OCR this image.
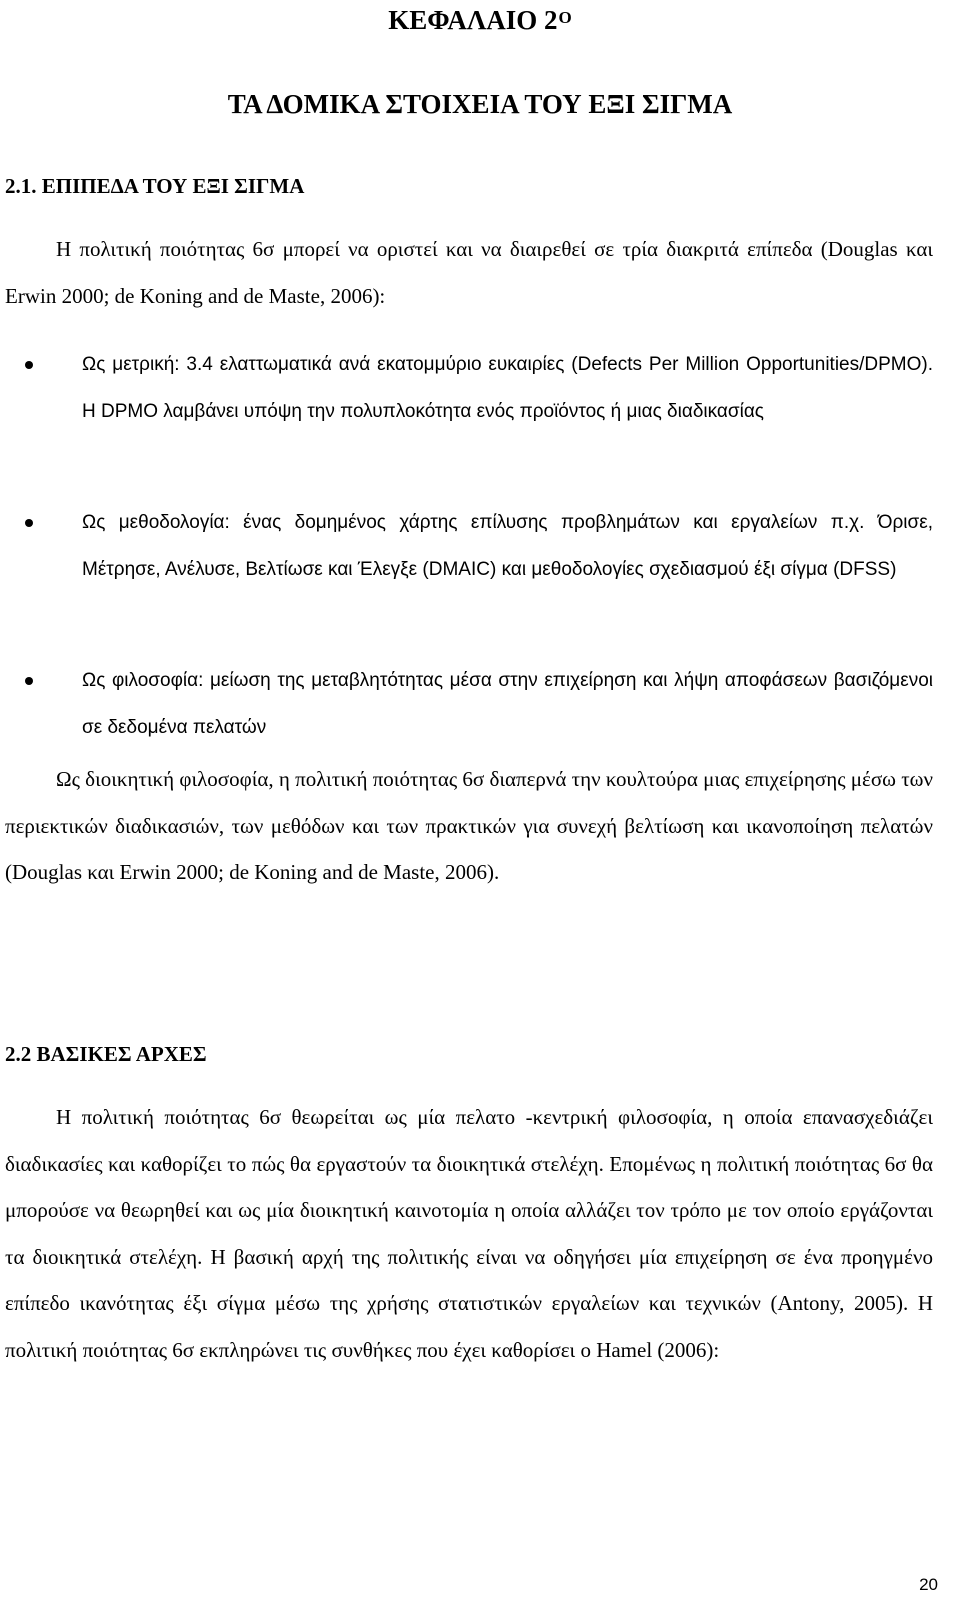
ΚΕΦΑΛΑΙΟ $2^O$
ΤΑ ΔΟΜΙΚΑ ΣΤΟΙΧΕΙΑ ΤΟΥ ΕΞΙ ΣΙΓΜΑ
2.1. ΕΠΙΠΕΔΑ ΤΟΥ ΕΞΙ ΣΙΓΜΑ

Η πολιτική ποιότητας 6σ μπορεί να οριστεί και να διαιρεθεί σε τρία διακριτά επίπεδα (Douglas και Erwin 2000; de Koning and de Maste, 2006):

Ως μετρική: 3.4 ελαττωματικά ανά εκατομμύριο ευκαιρίες (Defects Per Million Opportunities/DPMO). Η DPMO λαμβάνει υπόψη την πολυπλοκότητα ενός προϊόντος ή μιας διαδικασίας
Ως μεθοδολογία: ένας δομημένος χάρτης επίλυσης προβλημάτων και εργαλείων π.χ. Όρισε, Μέτρησε, Ανέλυσε, Βελτίωσε και Έλεγξε (DMAIC) και μεθοδολογίες σχεδιασμού έξι σίγμα (DFSS)
Ως φιλοσοφία: μείωση της μεταβλητότητας μέσα στην επιχείρηση και λήψη αποφάσεων βασιζόμενοι σε δεδομένα πελατών

Ως διοικητική φιλοσοφία, η πολιτική ποιότητας 6σ διαπερνά την κουλτούρα μιας επιχείρησης μέσω των περιεκτικών διαδικασιών, των μεθόδων και των πρακτικών για συνεχή βελτίωση και ικανοποίηση πελατών (Douglas και Erwin 2000; de Koning and de Maste, 2006).

2.2 ΒΑΣΙΚΕΣ ΑΡΧΕΣ

Η πολιτική ποιότητας 6σ θεωρείται ως μία πελατο -κεντρική φιλοσοφία, η οποία επανασχεδιάζει διαδικασίες και καθορίζει το πώς θα εργαστούν τα διοικητικά στελέχη. Επομένως η πολιτική ποιότητας 6σ θα μπορούσε να θεωρηθεί και ως μία διοικητική καινοτομία η οποία αλλάζει τον τρόπο με τον οποίο εργάζονται τα διοικητικά στελέχη. Η βασική αρχή της πολιτικής είναι να οδηγήσει μία επιχείρηση σε ένα προηγμένο επίπεδο ικανότητας έξι σίγμα μέσω της χρήσης στατιστικών εργαλείων και τεχνικών (Antony, 2005). Η πολιτική ποιότητας 6σ εκπληρώνει τις συνθήκες που έχει καθορίσει ο Hamel (2006):

20
